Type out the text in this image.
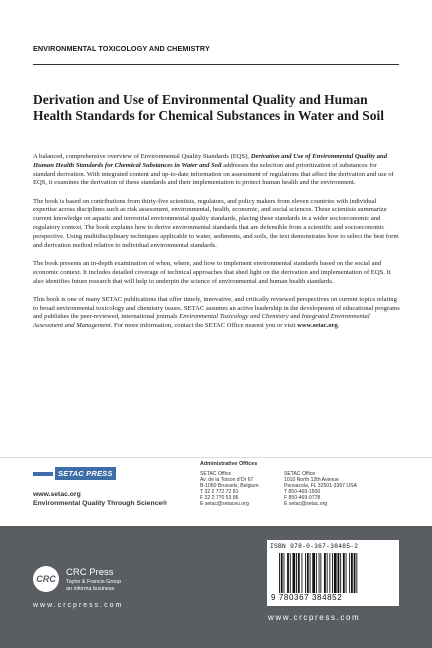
ENVIRONMENTAL TOXICOLOGY AND CHEMISTRY
Derivation and Use of Environmental Quality and Human Health Standards for Chemical Substances in Water and Soil

A balanced, comprehensive overview of Environmental Quality Standards (EQS), Derivation and Use of Environmental Quality and Human Health Standards for Chemical Substances in Water and Soil addresses the selection and prioritization of substances for standard derivation. With integrated content and up-to-date information on assessment of regulations that affect the derivation and use of EQS, it examines the derivation of these standards and their implementation to protect human health and the environment.

The book is based on contributions from thirty-five scientists, regulators, and policy makers from eleven countries with individual expertise across disciplines such as risk assessment, environmental, health, economic, and social sciences. These scientists summarize current knowledge on aquatic and terrestrial environmental quality standards, placing these standards in a wider socioeconomic and regulatory context. The book explains how to derive environmental standards that are defensible from a scientific and socioeconomic perspective. Using multidisciplinary techniques applicable to water, sediments, and soils, the text demonstrates how to select the best form and derivation method relative to individual environmental standards.

The book presents an in-depth examination of when, where, and how to implement environmental standards based on the social and economic context. It includes detailed coverage of technical approaches that shed light on the derivation and implementation of EQS. It also identifies future research that will help to underpin the science of environmental and human health standards.

This book is one of many SETAC publications that offer timely, innovative, and critically reviewed perspectives on current topics relating to broad environmental toxicology and chemistry issues. SETAC assumes an active leadership in the development of educational programs and publishes the peer-reviewed, international journals Environmental Toxicology and Chemistry and Integrated Environmental Assessment and Management. For more information, contact the SETAC Office nearest you or visit www.setac.org.

SETAC PRESS
www.setac.org
Environmental Quality Through Science®
Administrative Offices
SETAC Office
Av. de la Toison d'Or 67
B-1060 Brussels, Belgium
T 32 2 772 72 81
F 32 2 770 53 86
E setac@setaceu.org
SETAC Office
1010 North 12th Avenue
Pensacola, FL 32501-3367 USA
T 850-469-1500
F 850-469-9778
E setac@setac.org
CRC
CRC Press
Taylor & Francis Group
an informa business
www.crcpress.com
ISBN 978-0-367-38485-2
9 780367 384852
www.crcpress.com
